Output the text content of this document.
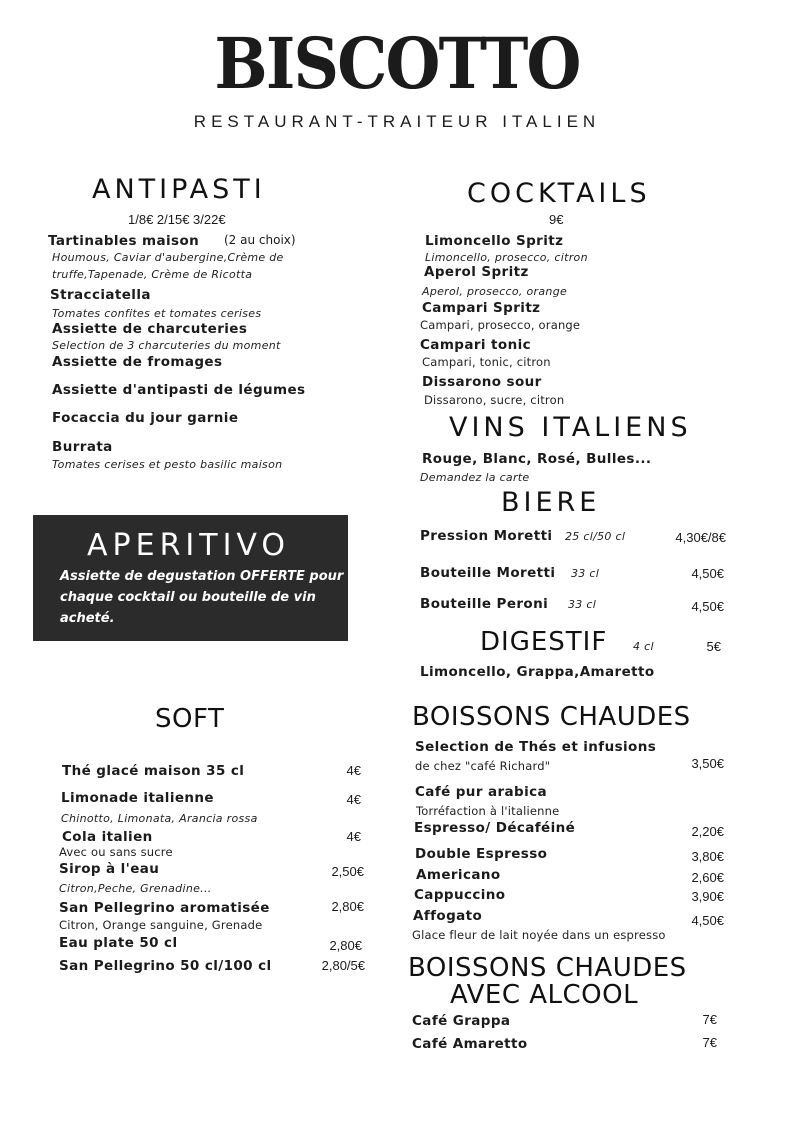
BISCOTTO
RESTAURANT-TRAITEUR ITALIEN
ANTIPASTI
1/8€ 2/15€ 3/22€
Tartinables maison (2 au choix)
Houmous, Caviar d'aubergine,Crème de
truffe,Tapenade, Crème de Ricotta
Stracciatella
Tomates confites et tomates cerises
Assiette de charcuteries
Selection de 3 charcuteries du moment
Assiette de fromages
Assiette d'antipasti de légumes
Focaccia du jour garnie
Burrata
Tomates cerises et pesto basilic maison
APERITIVO
Assiette de degustation OFFERTE pour chaque cocktail ou bouteille de vin acheté.
COCKTAILS
9€
Limoncello Spritz
Limoncello, prosecco, citron
Aperol Spritz
Aperol, prosecco, orange
Campari Spritz
Campari, prosecco, orange
Campari tonic
Campari, tonic, citron
Dissarono sour
Dissarono, sucre, citron
VINS ITALIENS
Rouge, Blanc, Rosé, Bulles...
Demandez la carte
BIERE
Pression Moretti 25 cl/50 cl	4,30€/8€
Bouteille Moretti 33 cl	4,50€
Bouteille Peroni 33 cl	4,50€
DIGESTIF 4 cl	5€
Limoncello, Grappa,Amaretto
SOFT
Thé glacé maison 35 cl	4€
Limonade italienne	4€
Chinotto, Limonata, Arancia rossa
Cola italien	4€
Avec ou sans sucre
Sirop à l'eau	2,50€
Citron,Peche, Grenadine...
San Pellegrino aromatisée	2,80€
Citron, Orange sanguine, Grenade
Eau plate 50 cl	2,80€
San Pellegrino 50 cl/100 cl	2,80/5€
BOISSONS CHAUDES
Selection de Thés et infusions
de chez "café Richard"	3,50€
Café pur arabica
Torréfaction à l'italienne
Espresso/ Décaféiné	2,20€
Double Espresso	3,80€
Americano	2,60€
Cappuccino	3,90€
Affogato	4,50€
Glace fleur de lait noyée dans un espresso
BOISSONS CHAUDES
AVEC ALCOOL
Café Grappa	7€
Café Amaretto	7€
